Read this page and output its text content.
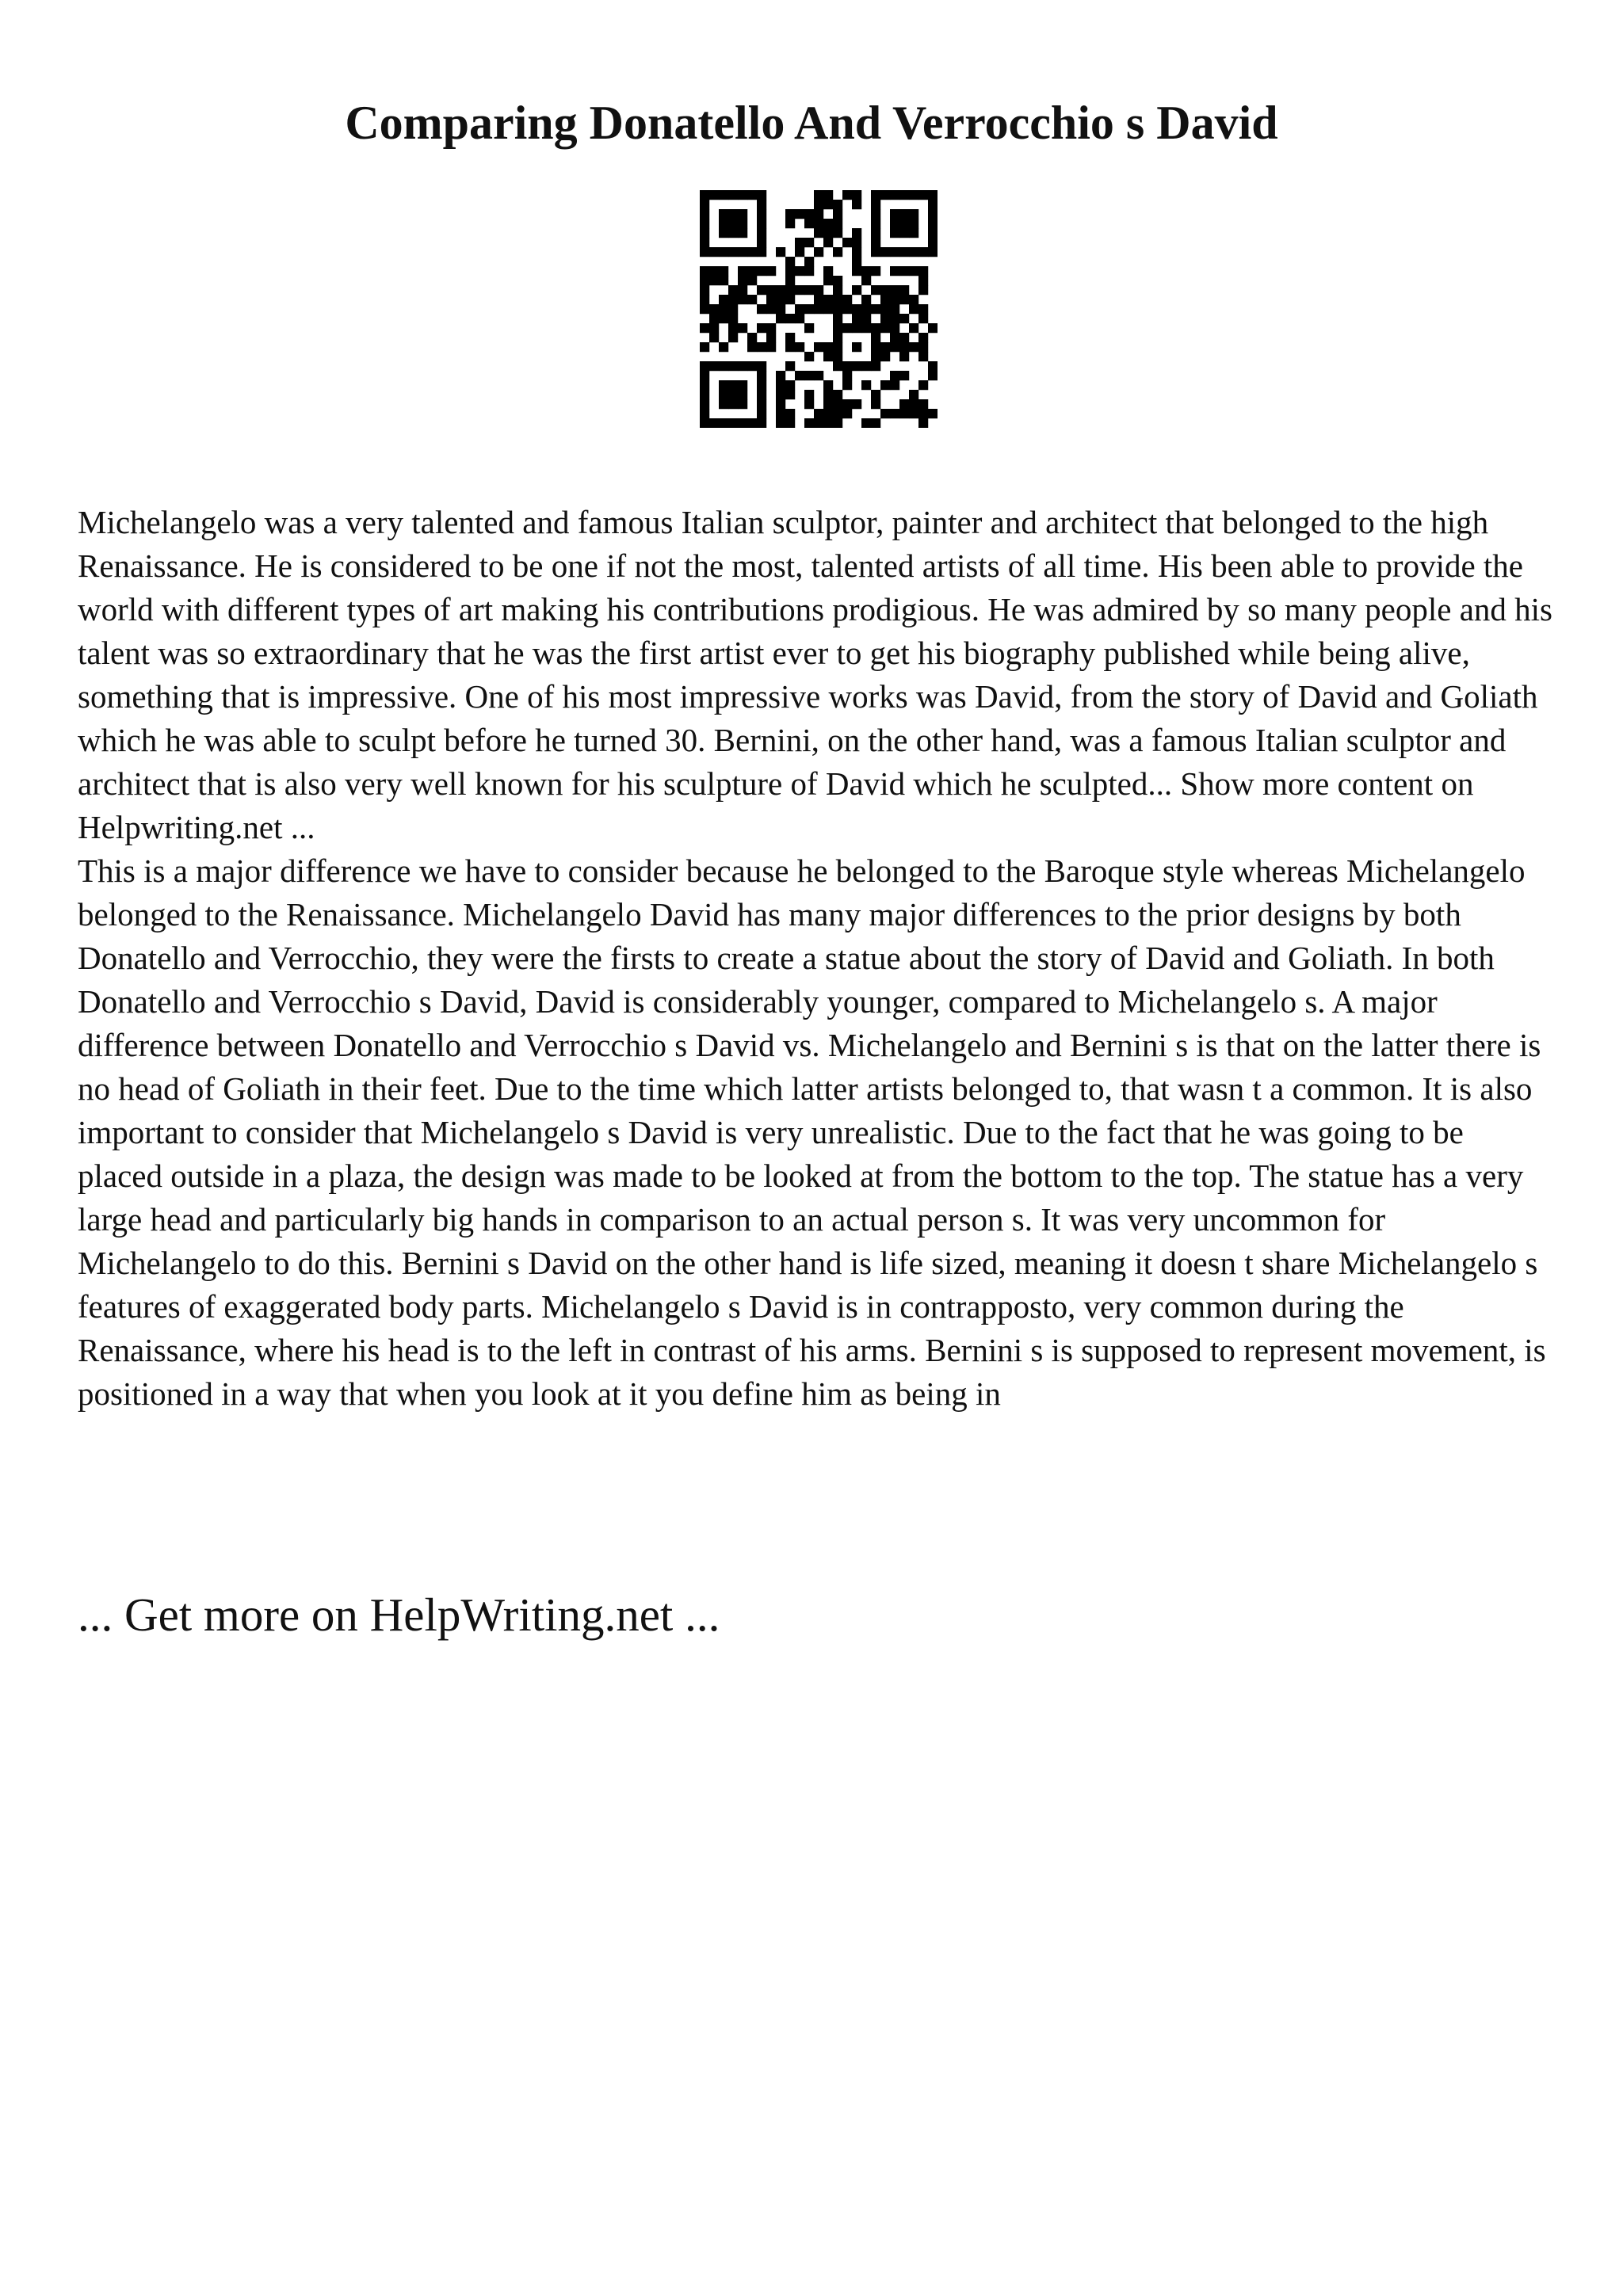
Comparing Donatello And Verrocchio s David

Michelangelo was a very talented and famous Italian sculptor, painter and architect that belonged to the high Renaissance. He is considered to be one if not the most, talented artists of all time. His been able to provide the world with different types of art making his contributions prodigious. He was admired by so many people and his talent was so extraordinary that he was the first artist ever to get his biography published while being alive, something that is impressive. One of his most impressive works was David, from the story of David and Goliath which he was able to sculpt before he turned 30. Bernini, on the other hand, was a famous Italian sculptor and architect that is also very well known for his sculpture of David which he sculpted... Show more content on Helpwriting.net ...

This is a major difference we have to consider because he belonged to the Baroque style whereas Michelangelo belonged to the Renaissance. Michelangelo David has many major differences to the prior designs by both Donatello and Verrocchio, they were the firsts to create a statue about the story of David and Goliath. In both Donatello and Verrocchio s David, David is considerably younger, compared to Michelangelo s. A major difference between Donatello and Verrocchio s David vs. Michelangelo and Bernini s is that on the latter there is no head of Goliath in their feet. Due to the time which latter artists belonged to, that wasn t a common. It is also important to consider that Michelangelo s David is very unrealistic. Due to the fact that he was going to be placed outside in a plaza, the design was made to be looked at from the bottom to the top. The statue has a very large head and particularly big hands in comparison to an actual person s. It was very uncommon for Michelangelo to do this. Bernini s David on the other hand is life sized, meaning it doesn t share Michelangelo s features of exaggerated body parts. Michelangelo s David is in contrapposto, very common during the Renaissance, where his head is to the left in contrast of his arms. Bernini s is supposed to represent movement, is positioned in a way that when you look at it you define him as being in

... Get more on HelpWriting.net ...
